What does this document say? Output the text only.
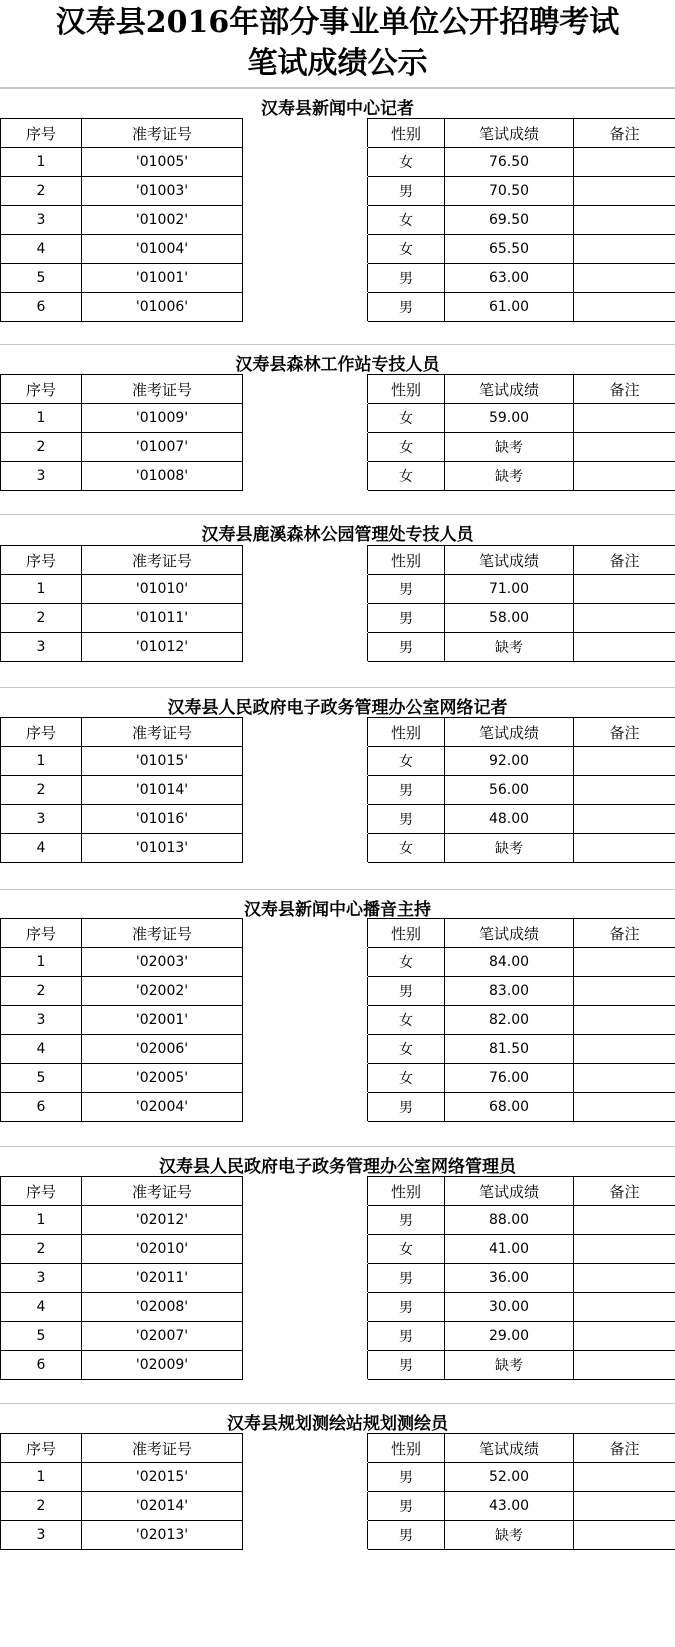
汉寿县2016年部分事业单位公开招聘考试
笔试成绩公示
汉寿县新闻中心记者
序号	准考证号		性别	笔试成绩	备注
1	'01005'		女	76.50	
2	'01003'		男	70.50	
3	'01002'		女	69.50	
4	'01004'		女	65.50	
5	'01001'		男	63.00	
6	'01006'		男	61.00	
汉寿县森林工作站专技人员
序号	准考证号		性别	笔试成绩	备注
1	'01009'		女	59.00	
2	'01007'		女	缺考	
3	'01008'		女	缺考	
汉寿县鹿溪森林公园管理处专技人员
序号	准考证号		性别	笔试成绩	备注
1	'01010'		男	71.00	
2	'01011'		男	58.00	
3	'01012'		男	缺考	
汉寿县人民政府电子政务管理办公室网络记者
序号	准考证号		性别	笔试成绩	备注
1	'01015'		女	92.00	
2	'01014'		男	56.00	
3	'01016'		男	48.00	
4	'01013'		女	缺考	
汉寿县新闻中心播音主持
序号	准考证号		性别	笔试成绩	备注
1	'02003'		女	84.00	
2	'02002'		男	83.00	
3	'02001'		女	82.00	
4	'02006'		女	81.50	
5	'02005'		女	76.00	
6	'02004'		男	68.00	
汉寿县人民政府电子政务管理办公室网络管理员
序号	准考证号		性别	笔试成绩	备注
1	'02012'		男	88.00	
2	'02010'		女	41.00	
3	'02011'		男	36.00	
4	'02008'		男	30.00	
5	'02007'		男	29.00	
6	'02009'		男	缺考	
汉寿县规划测绘站规划测绘员
序号	准考证号		性别	笔试成绩	备注
1	'02015'		男	52.00	
2	'02014'		男	43.00	
3	'02013'		男	缺考	
